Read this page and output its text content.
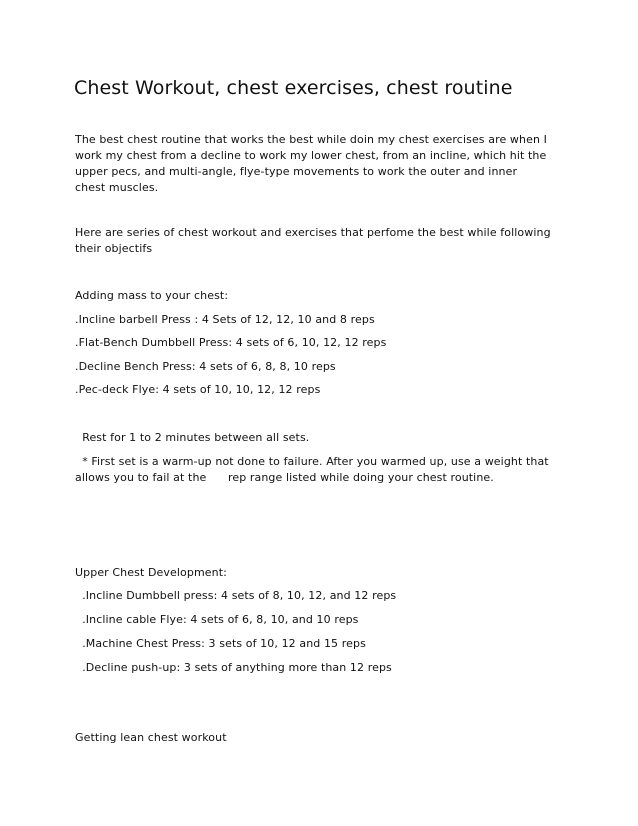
Chest Workout, chest exercises, chest routine

The best chest routine that works the best while doin my chest exercises are when I

work my chest from a decline to work my lower chest, from an incline, which hit the

upper pecs, and multi-angle, flye-type movements to work the outer and inner

chest muscles.

Here are series of chest workout and exercises that perfome the best while following

their objectifs

Adding mass to your chest:

.Incline barbell Press : 4 Sets of 12, 12, 10 and 8 reps

.Flat-Bench Dumbbell Press: 4 sets of 6, 10, 12, 12 reps

.Decline Bench Press: 4 sets of 6, 8, 8, 10 reps

.Pec-deck Flye: 4 sets of 10, 10, 12, 12 reps

Rest for 1 to 2 minutes between all sets.

* First set is a warm-up not done to failure. After you warmed up, use a weight that

allows you to fail at the      rep range listed while doing your chest routine.

Upper Chest Development:

.Incline Dumbbell press: 4 sets of 8, 10, 12, and 12 reps

.Incline cable Flye: 4 sets of 6, 8, 10, and 10 reps

.Machine Chest Press: 3 sets of 10, 12 and 15 reps

.Decline push-up: 3 sets of anything more than 12 reps

Getting lean chest workout
